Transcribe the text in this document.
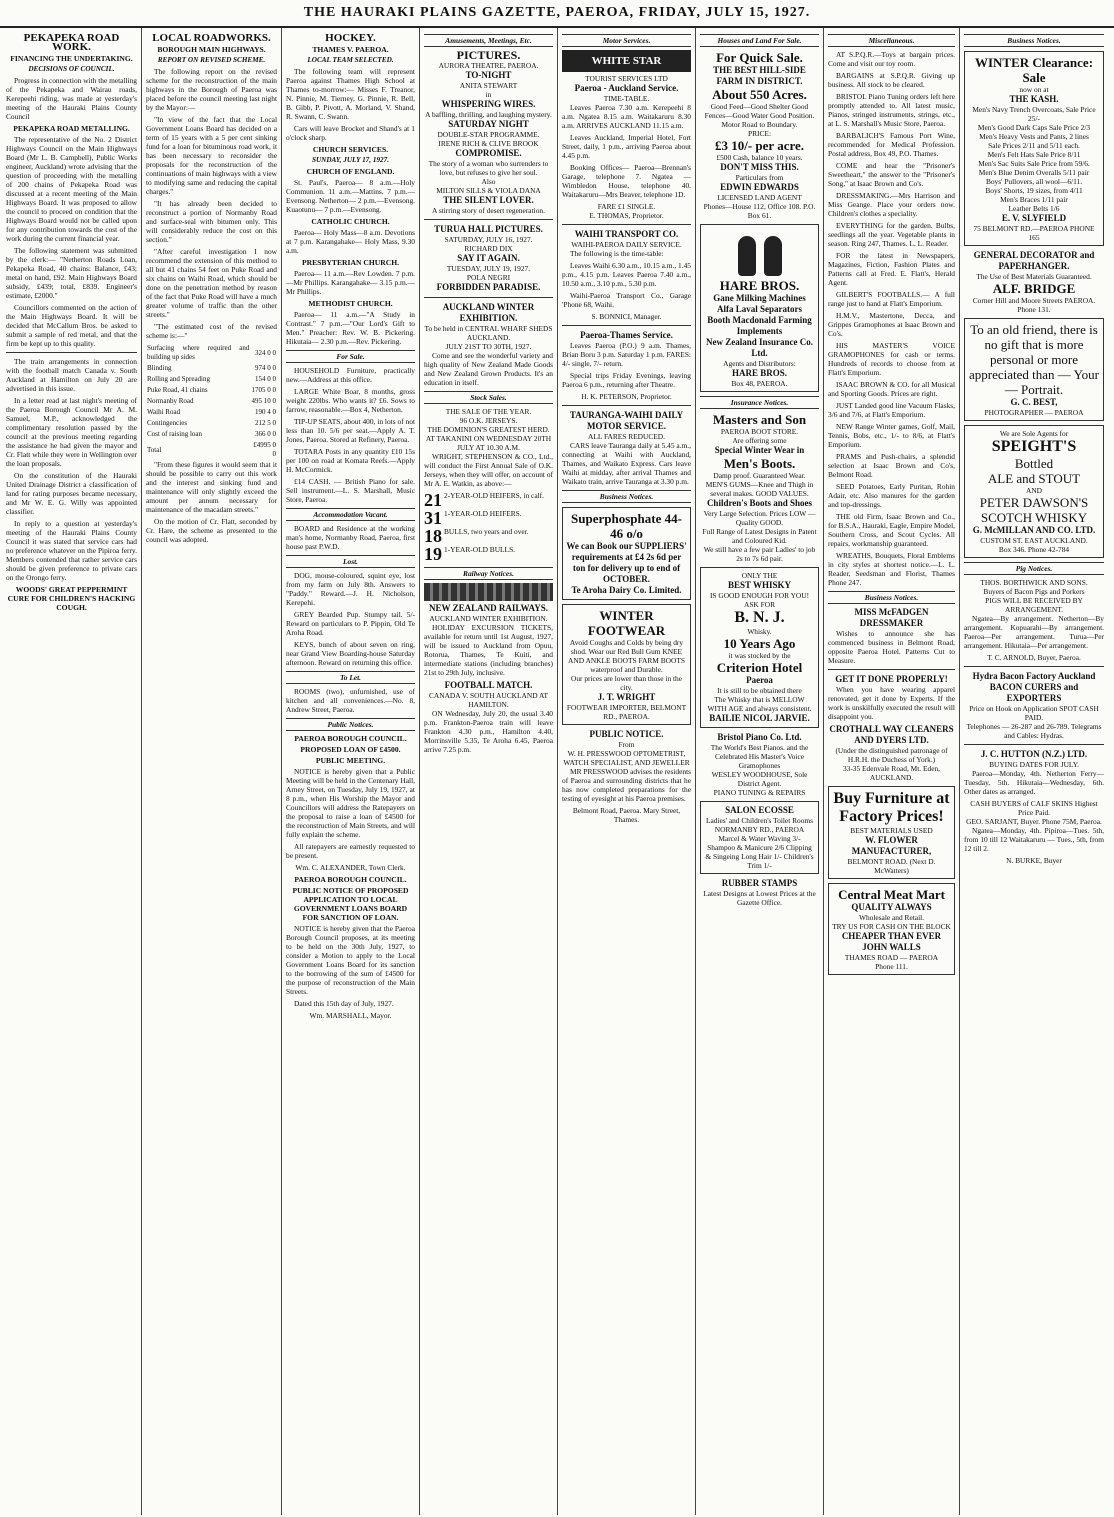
THE HAURAKI PLAINS GAZETTE, PAEROA, FRIDAY, JULY 15, 1927.
PEKAPEKA ROAD WORK.
FINANCING THE UNDERTAKING.
DECISIONS OF COUNCIL.

Progress in connection with the metalling of the Pekapeka and Wairau roads, Kerepeehi riding, was made at yesterday's meeting of the Hauraki Plains County Council

PEKAPEKA ROAD METALLING.

The representative of the No. 2 District Highways Council on the Main Highways Board (Mr L. B. Campbell), Public Works engineer, Auckland) wrote advising that the question of proceeding with the metalling of 200 chains of Pekapeka Road was discussed at a recent meeting of the Main Highways Board. It was proposed to allow the council to proceed on condition that the Highways Board would not be called upon for any contribution towards the cost of the work during the current financial year.

The following statement was submitted by the clerk:— "Netherton Roads Loan, Pekapeka Road, 40 chains: Balance, £43; metal on hand, £92. Main Highways Board subsidy, £439; total, £839. Engineer's estimate, £2000."

Councillors commented on the action of the Main Highways Board. It will be decided that McCallum Bros. be asked to submit a sample of red metal, and that the firm be kept up to this quality.

The train arrangements in connection with the football match Canada v. South Auckland at Hamilton on July 20 are advertised in this issue.

In a letter read at last night's meeting of the Paeroa Borough Council Mr A. M. Samuel, M.P., acknowledged the complimentary resolution passed by the council at the previous meeting regarding the assistance he had given the mayor and Cr. Flatt while they were in Wellington over the loan proposals.

On the constitution of the Hauraki United Drainage District a classification of land for rating purposes became necessary, and Mr W. E. G. Willy was appointed classifier.

In reply to a question at yesterday's meeting of the Hauraki Plains County Council it was stated that service cars had no preference whatever on the Pipiroa ferry. Members contended that rather service cars should be given preference to private cars on the Orongo ferry.

WOODS' GREAT PEPPERMINT CURE FOR CHILDREN'S HACKING COUGH.
LOCAL ROADWORKS.
BOROUGH MAIN HIGHWAYS.
REPORT ON REVISED SCHEME.

The following report on the revised scheme for the reconstruction of the main highways in the Borough of Paeroa was placed before the council meeting last night by the Mayor:—

"In view of the fact that the Local Government Loans Board has decided on a term of 15 years with a 5 per cent sinking fund for a loan for bituminous road work, it has been necessary to reconsider the proposals for the reconstruction of the continuations of main highways with a view to modifying same and reducing the capital charges."

"It has already been decided to reconstruct a portion of Normanby Road and surface-seal with bitumen only. This will considerably reduce the cost on this section."

"After careful investigation I now recommend the extension of this method to all but 41 chains 54 feet on Puke Road and six chains on Waihi Road, which should be done on the penetration method by reason of the fact that Puke Road will have a much greater volume of traffic than the other streets."

"The estimated cost of the revised scheme is:—"

Surfacing where required and building up sides	324 0 0
Blinding	974 0 0
Rolling and Spreading	154 0 0
Puke Road, 41 chains	1705 0 0
Normanby Road	495 10 0
Waihi Road	190 4 0
Contingencies	212 5 0
Cost of raising loan	366 0 0
Total	£4995 0 0

"From these figures it would seem that it should be possible to carry out this work and the interest and sinking fund and maintenance will only slightly exceed the amount per annum necessary for maintenance of the macadam streets."

On the motion of Cr. Flatt, seconded by Cr. Hare, the scheme as presented to the council was adopted.

HOCKEY.
THAMES V. PAEROA.
LOCAL TEAM SELECTED.

The following team will represent Paeroa against Thames High School at Thames to-morrow:— Misses F. Treanor, N. Pinnie, M. Tierney, G. Pinnie, R. Bell, B. Gibb, P. Pivott, A. Morland, V. Shand, R. Swann, C. Swann.

Cars will leave Brocket and Shand's at 1 o'clock sharp.

CHURCH SERVICES.
SUNDAY, JULY 17, 1927.
CHURCH OF ENGLAND.

St. Paul's, Paeroa— 8 a.m.—Holy Communion. 11 a.m.—Mattins. 7 p.m.—Evensong. Netherton— 2 p.m.—Evensong. Kuaotunu— 7 p.m.—Evensong.

CATHOLIC CHURCH.

Paeroa— Holy Mass—8 a.m. Devotions at 7 p.m. Karangahake— Holy Mass, 9.30 a.m.

PRESBYTERIAN CHURCH.

Paeroa— 11 a.m.—Rev Lowden. 7 p.m.—Mr Phillips. Karangahake— 3.15 p.m.—Mr Phillips.

METHODIST CHURCH.

Paeroa— 11 a.m.—"A Study in Contrast." 7 p.m.—"Our Lord's Gift to Men." Preacher: Rev. W. B. Pickering. Hikutaia— 2.30 p.m.—Rev. Pickering.

For Sale.

HOUSEHOLD Furniture, practically new.—Address at this office.

LARGE White Boar, 8 months, gross weight 220lbs. Who wants it? £6. Sows to farrow, reasonable.—Box 4, Netherton.

TIP-UP SEATS, about 400, in lots of not less than 10. 5/6 per seat.—Apply A. T. Jones, Paeroa. Stored at Refinery, Paeroa.

TOTARA Posts in any quantity £10 15s per 100 on road at Komata Reefs.—Apply H. McCormick.

£14 CASH. — British Piano for sale. Sell instrument.—L. S. Marshall, Music Store, Paeroa.

Accommodation Vacant.

BOARD and Residence at the working man's home, Normanby Road, Paeroa, first house past P.W.D.

Lost.

DOG, mouse-coloured, squint eye, lost from my farm on July 8th. Answers to "Paddy." Reward.—J. H. Nicholson, Kerepehi.

GREY Bearded Pup. Stumpy tail. 5/- Reward on particulars to P. Pippin, Old Te Aroha Road.

KEYS, bunch of about seven on ring, near Grand View Boarding-house Saturday afternoon. Reward on returning this office.

To Let.

ROOMS (two), unfurnished, use of kitchen and all conveniences.—No. 8, Andrew Street, Paeroa.

Public Notices.
PAEROA BOROUGH COUNCIL.
PROPOSED LOAN OF £4500.
PUBLIC MEETING.

NOTICE is hereby given that a Public Meeting will be held in the Centenary Hall, Arney Street, on Tuesday, July 19, 1927, at 8 p.m., when His Worship the Mayor and Councillors will address the Ratepayers on the proposal to raise a loan of £4500 for the reconstruction of Main Streets, and will fully explain the scheme.

All ratepayers are earnestly requested to be present.

Wm. C. ALEXANDER, Town Clerk.

PAEROA BOROUGH COUNCIL.
PUBLIC NOTICE OF PROPOSED APPLICATION TO LOCAL GOVERNMENT LOANS BOARD FOR SANCTION OF LOAN.

NOTICE is hereby given that the Paeroa Borough Council proposes, at its meeting to be held on the 30th July, 1927, to consider a Motion to apply to the Local Government Loans Board for its sanction to the borrowing of the sum of £4500 for the purpose of reconstruction of the Main Streets.

Dated this 15th day of July, 1927.

Wm. MARSHALL, Mayor.

Amusements, Meetings, Etc.
PICTURES.
AURORA THEATRE, PAEROA.
TO-NIGHT
ANITA STEWART
in
WHISPERING WIRES.
A baffling, thrilling, and laughing mystery.
SATURDAY NIGHT
DOUBLE-STAR PROGRAMME.
IRENE RICH & CLIVE BROOK
COMPROMISE.
The story of a woman who surrenders to love, but refuses to give her soul.
Also
MILTON SILLS & VIOLA DANA
THE SILENT LOVER.
A stirring story of desert regeneration.
TURUA HALL PICTURES.
SATURDAY, JULY 16, 1927.
RICHARD DIX
SAY IT AGAIN.
TUESDAY, JULY 19, 1927.
POLA NEGRI
FORBIDDEN PARADISE.
AUCKLAND WINTER EXHIBITION.
To be held in CENTRAL WHARF SHEDS AUCKLAND.
JULY 21ST TO 30TH, 1927.

Come and see the wonderful variety and high quality of New Zealand Made Goods and New Zealand Grown Products. It's an education in itself.

Stock Sales.
THE SALE OF THE YEAR.
96 O.K. JERSEYS.
THE DOMINION'S GREATEST HERD.
AT TAKANINI ON WEDNESDAY 20TH JULY AT 10.30 A.M.

WRIGHT, STEPHENSON & CO., Ltd., will conduct the First Annual Sale of O.K. Jerseys, when they will offer, on account of Mr A. E. Watkin, as above:—

21 2-YEAR-OLD HEIFERS, in calf.
31 1-YEAR-OLD HEIFERS.
18 BULLS, two years and over.
19 1-YEAR-OLD BULLS.
Railway Notices.
NEW ZEALAND RAILWAYS.
AUCKLAND WINTER EXHIBITION.

HOLIDAY EXCURSION TICKETS, available for return until 1st August, 1927, will be issued to Auckland from Opuu, Rotorua, Thames, Te Kuiti, and intermediate stations (including branches) 21st to 29th July, inclusive.

FOOTBALL MATCH.
CANADA V. SOUTH AUCKLAND AT HAMILTON.

ON Wednesday, July 20, the usual 3.40 p.m. Frankton-Paeroa train will leave Frankton 4.30 p.m., Hamilton 4.40, Morrinsville 5.35, Te Aroha 6.45, Paeroa arrive 7.25 p.m.

Motor Services.
WHITE STAR
TOURIST SERVICES LTD
Paeroa - Auckland Service.
TIME-TABLE.

Leaves Paeroa 7.30 a.m. Kerepeehi 8 a.m. Ngatea 8.15 a.m. Waitakaruru 8.30 a.m. ARRIVES AUCKLAND 11.15 a.m.

Leaves Auckland, Imperial Hotel, Fort Street, daily, 1 p.m., arriving Paeroa about 4.45 p.m.

Booking Offices— Paeroa—Brennan's Garage, telephone 7. Ngatea — Wimbledon House, telephone 40. Waitakaruru—Mrs Beaver, telephone 1D.

FARE £1 SINGLE.
E. THOMAS, Proprietor.
WAIHI TRANSPORT CO.
WAIHI-PAEROA DAILY SERVICE.

The following is the time-table:

Leaves Waihi 6.30 a.m., 10.15 a.m., 1.45 p.m., 4.15 p.m. Leaves Paeroa 7.40 a.m., 10.50 a.m., 3.10 p.m., 5.30 p.m.

Waihi-Paeroa Transport Co., Garage 'Phone 68, Waihi.

S. BONNICI, Manager.
Paeroa-Thames Service.

Leaves Paeroa (P.O.) 9 a.m. Thames, Brian Boru 3 p.m. Saturday 1 p.m. FARES: 4/- single, 7/- return.

Special trips Friday Evenings, leaving Paeroa 6 p.m., returning after Theatre.

H. K. PETERSON, Proprietor.
TAURANGA-WAIHI DAILY MOTOR SERVICE.
ALL FARES REDUCED.

CARS leave Tauranga daily at 5.45 a.m., connecting at Waihi with Auckland, Thames, and Waikato Express. Cars leave Waihi at midday, after arrival Thames and Waikato train, arrive Tauranga at 3.30 p.m.

Business Notices.
Superphosphate 44-46 o/o
We can Book our SUPPLIERS' requirements at £4 2s 6d per ton for delivery up to end of OCTOBER.
Te Aroha Dairy Co. Limited.
WINTER FOOTWEAR
Avoid Coughs and Colds by being dry shod. Wear our Red Bull Gum KNEE AND ANKLE BOOTS FARM BOOTS waterproof and Durable.
Our prices are lower than those in the city.
J. T. WRIGHT
FOOTWEAR IMPORTER, BELMONT RD., PAEROA.
PUBLIC NOTICE.
From
W. H. PRESSWOOD OPTOMETRIST, WATCH SPECIALIST, AND JEWELLER

MR PRESSWOOD advises the residents of Paeroa and surrounding districts that he has now completed preparations for the testing of eyesight at his Paeroa premises.

Belmont Road, Paeroa. Mary Street, Thames.
Houses and Land For Sale.
For Quick Sale.
THE BEST HILL-SIDE FARM IN DISTRICT.
About 550 Acres.
Good Feed—Good Shelter Good Fences—Good Water Good Position. Motor Road to Boundary.
PRICE:
£3 10/- per acre.
£500 Cash, balance 10 years.
DON'T MISS THIS.
Particulars from
EDWIN EDWARDS
LICENSED LAND AGENT
Phones—House 112, Office 108. P.O. Box 61.
HARE BROS.
Gane Milking Machines
Alfa Laval Separators
Booth Macdonald Farming Implements
New Zealand Insurance Co. Ltd.
Agents and Distributors:
HARE BROS.
Box 48, PAEROA.
Insurance Notices.
Masters and Son
PAEROA BOOT STORE.
Are offering some
Special Winter Wear in
Men's Boots.
Damp proof. Guaranteed Wear.
MEN'S GUMS—Knee and Thigh in several makes. GOOD VALUES.
Children's Boots and Shoes
Very Large Selection. Prices LOW — Quality GOOD.
Full Range of Latest Designs in Patent and Coloured Kid.
We still have a few pair Ladies' to job 2s to 7s 6d pair.
ONLY THE
BEST WHISKY
IS GOOD ENOUGH FOR YOU!
ASK FOR
B. N. J.
Whisky.
10 Years Ago
it was stocked by the
Criterion Hotel
Paeroa
It is still to be obtained there
The Whisky that is MELLOW WITH AGE and always consistent.
BAILIE NICOL JARVIE.
Bristol Piano Co. Ltd.
The World's Best Pianos. and the Celebrated His Master's Voice Gramophones
WESLEY WOODHOUSE, Sole District Agent.
PIANO TUNING & REPAIRS
SALON ECOSSE
Ladies' and Children's Toilet Rooms
NORMANBY RD., PAEROA Marcel & Water Waving 3/- Shampoo & Manicure 2/6 Clipping & Singeing Long Hair 1/- Children's Trim 1/-
RUBBER STAMPS
Latest Designs at Lowest Prices at the Gazette Office.
Miscellaneous.

AT S.P.Q.R.—Toys at bargain prices. Come and visit our toy room.

BARGAINS at S.P.Q.R. Giving up business. All stock to be cleared.

BRISTOL Piano Tuning orders left here promptly attended to. All latest music, Pianos, stringed instruments, strings, etc., at L. S. Marshall's Music Store, Paeroa.

BARBALICH'S Famous Port Wine, recommended for Medical Profession. Postal address, Box 49, P.O. Thames.

COME and hear the "Prisoner's Sweetheart," the answer to the "Prisoner's Song," at Isaac Brown and Co's.

DRESSMAKING.—Mrs Harrison and Miss Geange. Place your orders now. Children's clothes a speciality.

EVERYTHING for the garden. Bulbs, seedlings all the year. Vegetable plants in season. Ring 247, Thames. L. L. Reader.

FOR the latest in Newspapers, Magazines, Fiction, Fashion Plates and Patterns call at Fred. E. Flatt's, Herald Agent.

GILBERT'S FOOTBALLS.— A full range just to hand at Flatt's Emporium.

H.M.V., Mastertone, Decca, and Grippes Gramophones at Isaac Brown and Co's.

HIS MASTER'S VOICE GRAMOPHONES for cash or terms. Hundreds of records to choose from at Flatt's Emporium.

ISAAC BROWN & CO. for all Musical and Sporting Goods. Prices are right.

JUST Landed good line Vacuum Flasks, 3/6 and 7/6, at Flatt's Emporium.

NEW Range Winter games, Golf, Mail, Tennis, Bobs, etc., 1/- to 8/6, at Flatt's Emporium.

PRAMS and Push-chairs, a splendid selection at Isaac Brown and Co's, Belmont Road.

SEED Potatoes, Early Puritan, Rohin Adair, etc. Also manures for the garden and top-dressings.

THE old Firm, Isaac Brown and Co., for B.S.A., Hauraki, Eagle, Empire Model, Southern Cross, and Scout Cycles. All repairs, workmanship guaranteed.

WREATHS, Bouquets, Floral Emblems in city styles at shortest notice.—L. L. Reader, Seedsman and Florist, Thames Phone 247.

Business Notices.
MISS McFADGEN
DRESSMAKER

Wishes to announce she has commenced business in Belmont Road, opposite Paeroa Hotel. Patterns Cut to Measure.

GET IT DONE PROPERLY!

When you have wearing apparel renovated, get it done by Experts. If the work is unskilfully executed the result will disappoint you.

CROTHALL WAY CLEANERS AND DYERS LTD.
(Under the distinguished patronage of H.R.H. the Duchess of York.)
33-35 Edenvale Road, Mt. Eden, AUCKLAND.
Buy Furniture at Factory Prices!
BEST MATERIALS USED
W. FLOWER MANUFACTURER,
BELMONT ROAD. (Next D. McWatters)
Central Meat Mart
QUALITY ALWAYS
Wholesale and Retail.
TRY US FOR CASH ON THE BLOCK
CHEAPER THAN EVER
JOHN WALLS
THAMES ROAD — PAEROA
Phone 111.
Business Notices.
WINTER Clearance: Sale
now on at
THE KASH.
Men's Navy Trench Overcoats, Sale Price 25/-
Men's Good Dark Caps Sale Price 2/3
Men's Heavy Vests and Pants, 2 lines
Sale Prices 2/11 and 5/11 each.
Men's Felt Hats Sale Price 8/11
Men's Sac Suits Sale Price from 59/6.
Men's Blue Denim Overalls 5/11 pair
Boys' Pullovers, all wool—6/11.
Boys' Shorts, 19 sizes, from 4/11
Men's Braces 1/11 pair
Leather Belts 1/6
E. V. SLYFIELD
75 BELMONT RD.—PAEROA PHONE 165
GENERAL DECORATOR and PAPERHANGER.
The Use of Best Materials Guaranteed.
ALF. BRIDGE
Corner Hill and Moore Streets PAEROA. Phone 131.
To an old friend, there is no gift that is more personal or more appreciated than — Your — Portrait.
G. C. BEST,
PHOTOGRAPHER — PAEROA
We are Sole Agents for
SPEIGHT'S
Bottled
ALE and STOUT
AND
PETER DAWSON'S
SCOTCH WHISKY
G. McMILLAN AND CO. LTD.
CUSTOM ST. EAST AUCKLAND.
Box 346. Phone 42-784
Pig Notices.
THOS. BORTHWICK AND SONS.
Buyers of Bacon Pigs and Porkers
PIGS WILL BE RECEIVED BY ARRANGEMENT.

Ngatea—By arrangement. Netherton—By arrangement. Kopuarahi—By arrangement. Paeroa—Per arrangement. Turua—Per arrangement. Hikutaia—Per arrangement.

T. C. ARNOLD, Buyer, Paeroa.
Hydra Bacon Factory Auckland
BACON CURERS and EXPORTERS
Price on Hook on Application SPOT CASH PAID.
Telephones — 26-287 and 26-789. Telegrams and Cables: Hydras.
J. C. HUTTON (N.Z.) LTD.
BUYING DATES FOR JULY.

Paeroa—Monday, 4th. Netherton Ferry—Tuesday, 5th. Hikutaia—Wednesday, 6th. Other dates as arranged.

CASH BUYERS of CALF SKINS Highest Price Paid.
GEO. SARJANT, Buyer. Phone 75M, Paeroa.

Ngatea—Monday, 4th. Pipiroa—Tues. 5th, from 10 till 12 Waitakaruru — Tues., 5th, from 12 till 2.

N. BURKE, Buyer
